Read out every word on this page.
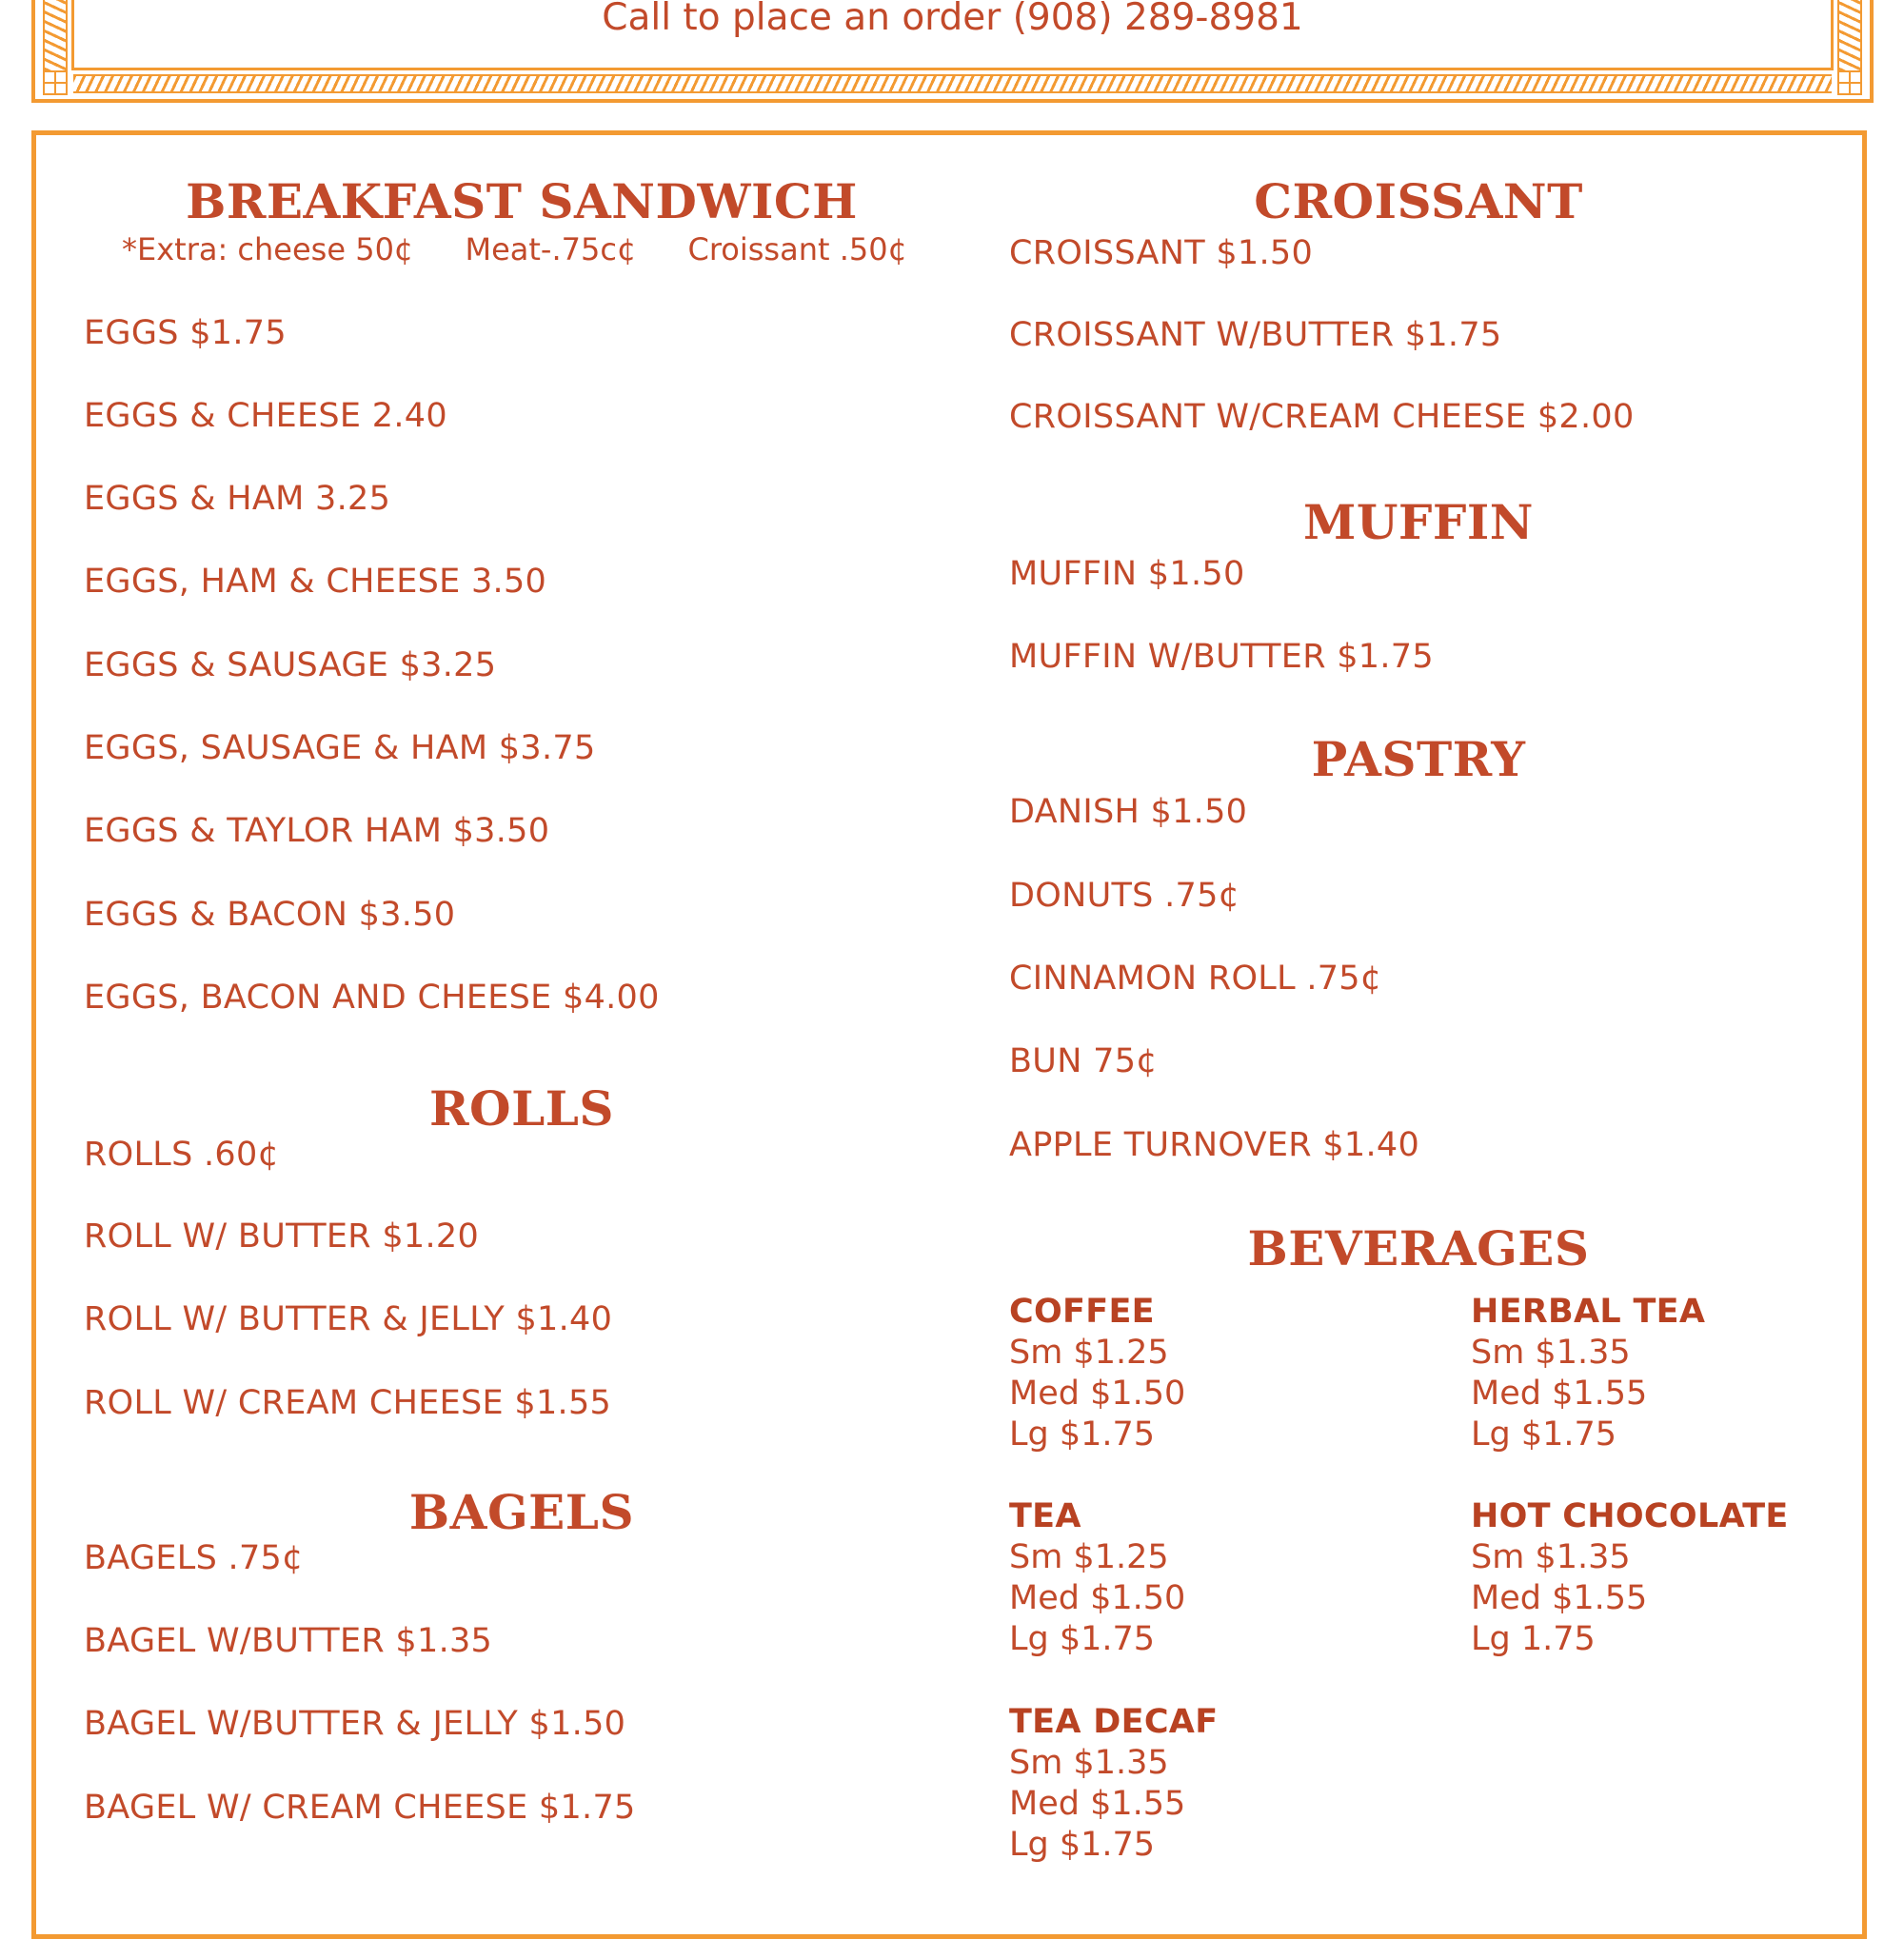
Call to place an order (908) 289-8981
BREAKFAST SANDWICH
*Extra: cheese 50¢ Meat-.75c¢ Croissant .50¢
EGGS $1.75
EGGS & CHEESE 2.40
EGGS & HAM 3.25
EGGS, HAM & CHEESE 3.50
EGGS & SAUSAGE $3.25
EGGS, SAUSAGE & HAM $3.75
EGGS & TAYLOR HAM $3.50
EGGS & BACON $3.50
EGGS, BACON AND CHEESE $4.00
ROLLS
ROLLS .60¢
ROLL W/ BUTTER $1.20
ROLL W/ BUTTER & JELLY $1.40
ROLL W/ CREAM CHEESE $1.55
BAGELS
BAGELS .75¢
BAGEL W/BUTTER $1.35
BAGEL W/BUTTER & JELLY $1.50
BAGEL W/ CREAM CHEESE $1.75
CROISSANT
CROISSANT $1.50
CROISSANT W/BUTTER $1.75
CROISSANT W/CREAM CHEESE $2.00
MUFFIN
MUFFIN $1.50
MUFFIN W/BUTTER $1.75
PASTRY
DANISH $1.50
DONUTS .75¢
CINNAMON ROLL .75¢
BUN 75¢
APPLE TURNOVER $1.40
BEVERAGES
COFFEE
Sm $1.25
Med $1.50
Lg $1.75
HERBAL TEA
Sm $1.35
Med $1.55
Lg $1.75
TEA
Sm $1.25
Med $1.50
Lg $1.75
HOT CHOCOLATE
Sm $1.35
Med $1.55
Lg 1.75
TEA DECAF
Sm $1.35
Med $1.55
Lg $1.75
